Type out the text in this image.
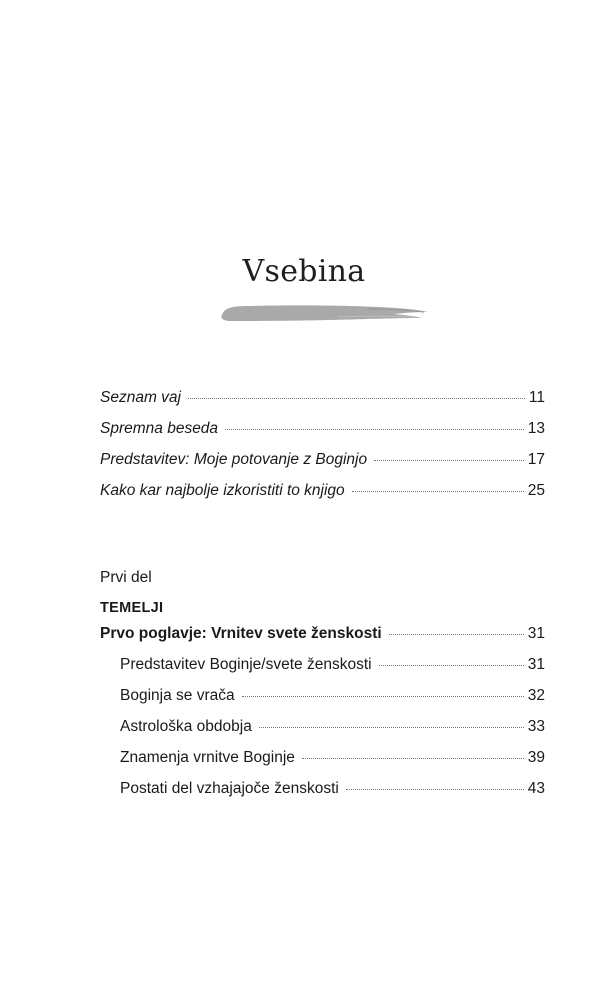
Vsebina
Seznam vaj	11
Spremna beseda	13
Predstavitev: Moje potovanje z Boginjo	17
Kako kar najbolje izkoristiti to knjigo	25
Prvi del
TEMELJI
Prvo poglavje: Vrnitev svete ženskosti	31
Predstavitev Boginje/svete ženskosti	31
Boginja se vrača	32
Astrološka obdobja	33
Znamenja vrnitve Boginje	39
Postati del vzhajajoče ženskosti	43
